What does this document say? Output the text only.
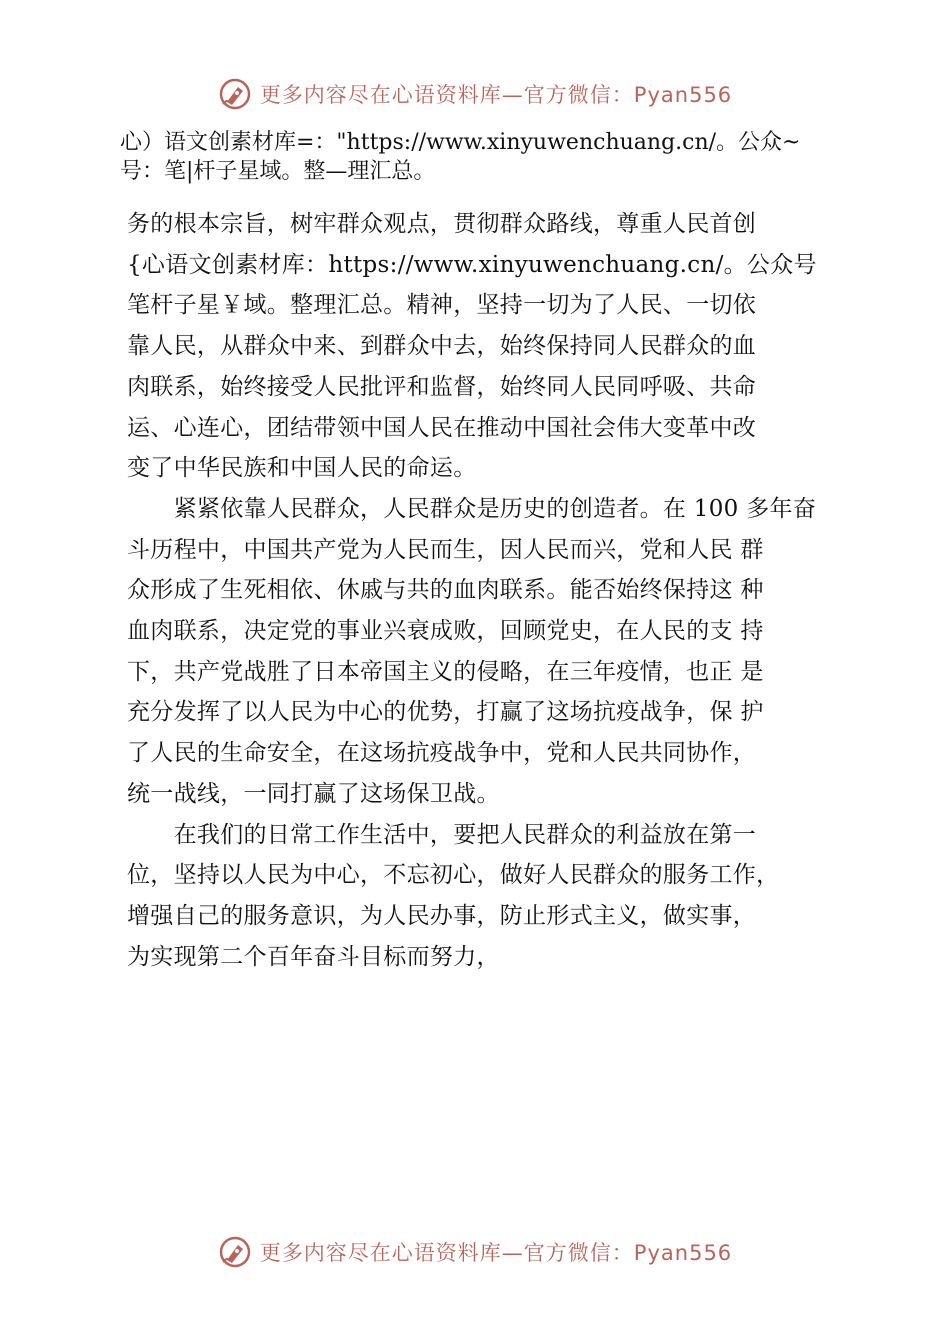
更多内容尽在心语资料库—官方微信：Pyan556
心）语文创素材库=："https://www.xinyuwenchuang.cn/。公众~
号：笔|杆子星域。整—理汇总。

务的根本宗旨，树牢群众观点，贯彻群众路线，尊重人民首创
{心语文创素材库：https://www.xinyuwenchuang.cn/。公众号
笔杆子星￥域。整理汇总。精神，坚持一切为了人民、一切依
靠人民，从群众中来、到群众中去，始终保持同人民群众的血
肉联系，始终接受人民批评和监督，始终同人民同呼吸、共命
运、心连心，团结带领中国人民在推动中国社会伟大变革中改
变了中华民族和中国人民的命运。

　　紧紧依靠人民群众，人民群众是历史的创造者。在 100 多年奋
斗历程中，中国共产党为人民而生，因人民而兴，党和人民 群
众形成了生死相依、休戚与共的血肉联系。能否始终保持这 种
血肉联系，决定党的事业兴衰成败，回顾党史，在人民的支 持
下，共产党战胜了日本帝国主义的侵略，在三年疫情，也正 是
充分发挥了以人民为中心的优势，打赢了这场抗疫战争，保 护
了人民的生命安全，在这场抗疫战争中，党和人民共同协作，
统一战线，一同打赢了这场保卫战。

　　在我们的日常工作生活中，要把人民群众的利益放在第一
位，坚持以人民为中心，不忘初心，做好人民群众的服务工作，
增强自己的服务意识，为人民办事，防止形式主义，做实事，
为实现第二个百年奋斗目标而努力，

更多内容尽在心语资料库—官方微信：Pyan556
